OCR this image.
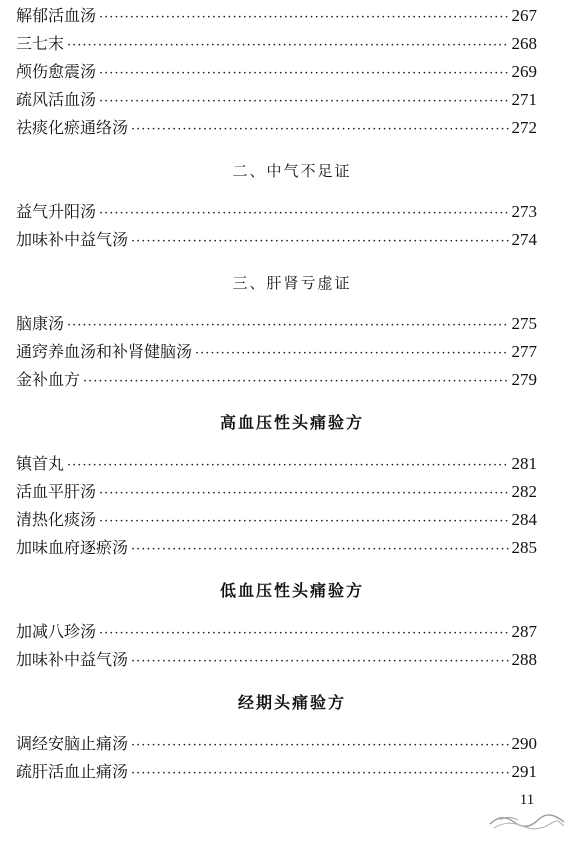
解郁活血汤 ·····	267
三七末 ·····	268
颅伤愈震汤 ·····	269
疏风活血汤 ·····	271
祛痰化瘀通络汤 ·····	272
二、中气不足证
益气升阳汤 ·····	273
加味补中益气汤 ·····	274
三、肝肾亏虚证
脑康汤 ·····	275
通窍养血汤和补肾健脑汤 ·····	277
金补血方 ·····	279
高血压性头痛验方
镇首丸 ·····	281
活血平肝汤 ·····	282
清热化痰汤 ·····	284
加味血府逐瘀汤 ·····	285
低血压性头痛验方
加减八珍汤 ·····	287
加味补中益气汤 ·····	288
经期头痛验方
调经安脑止痛汤 ·····	290
疏肝活血止痛汤 ·····	291
11
